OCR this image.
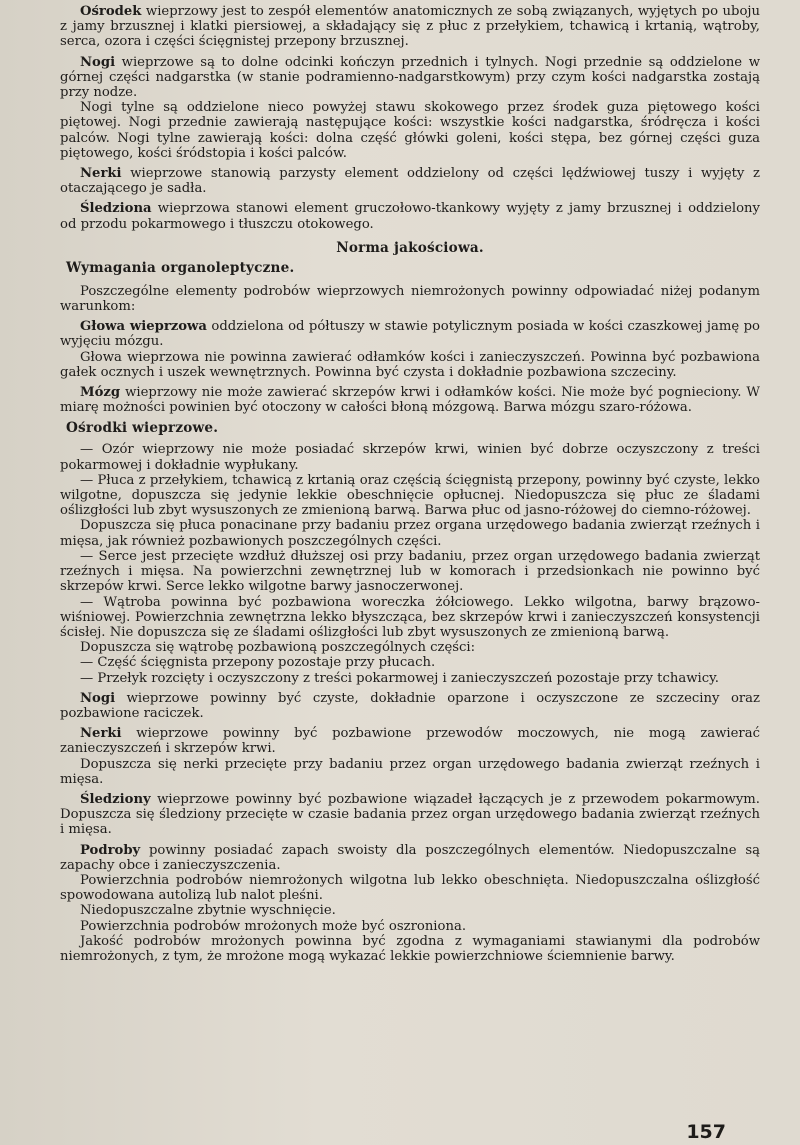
Ośrodek wieprzowy jest to zespół elementów anatomicznych ze sobą związanych, wyjętych po uboju z jamy brzusznej i klatki piersiowej, a składający się z płuc z przełykiem, tchawicą i krtanią, wątroby, serca, ozora i części ścięgnistej przepony brzusznej.

Nogi wieprzowe są to dolne odcinki kończyn przednich i tylnych. Nogi przednie są oddzielone w górnej części nadgarstka (w stanie podramienno-nadgarstkowym) przy czym kości nadgarstka zostają przy nodze.

Nogi tylne są oddzielone nieco powyżej stawu skokowego przez środek guza piętowego kości piętowej. Nogi przednie zawierają następujące kości: wszystkie kości nadgarstka, śródręcza i kości palców. Nogi tylne zawierają kości: dolna część główki goleni, kości stępa, bez górnej części guza piętowego, kości śródstopia i kości palców.

Nerki wieprzowe stanowią parzysty element oddzielony od części lędźwiowej tuszy i wyjęty z otaczającego je sadła.

Śledziona wieprzowa stanowi element gruczołowo-tkankowy wyjęty z jamy brzusznej i oddzielony od przodu pokarmowego i tłuszczu otokowego.

Norma jakościowa.
Wymagania organoleptyczne.

Poszczególne elementy podrobów wieprzowych niemrożonych powinny odpowiadać niżej podanym warunkom:

Głowa wieprzowa oddzielona od półtuszy w stawie potylicznym posiada w kości czaszkowej jamę po wyjęciu mózgu.

Głowa wieprzowa nie powinna zawierać odłamków kości i zanieczyszczeń. Powinna być pozbawiona gałek ocznych i uszek wewnętrznych. Powinna być czysta i dokładnie pozbawiona szczeciny.

Mózg wieprzowy nie może zawierać skrzepów krwi i odłamków kości. Nie może być pognieciony. W miarę możności powinien być otoczony w całości błoną mózgową. Barwa mózgu szaro-różowa.

Ośrodki wieprzowe.

— Ozór wieprzowy nie może posiadać skrzepów krwi, winien być dobrze oczyszczony z treści pokarmowej i dokładnie wypłukany.

— Płuca z przełykiem, tchawicą z krtanią oraz częścią ścięgnistą przepony, powinny być czyste, lekko wilgotne, dopuszcza się jedynie lekkie obeschnięcie opłucnej. Niedopuszcza się płuc ze śladami oślizgłości lub zbyt wysuszonych ze zmienioną barwą. Barwa płuc od jasno-różowej do ciemno-różowej.

Dopuszcza się płuca ponacinane przy badaniu przez organa urzędowego badania zwierząt rzeźnych i mięsa, jak również pozbawionych poszczególnych części.

— Serce jest przecięte wzdłuż dłuższej osi przy badaniu, przez organ urzędowego badania zwierząt rzeźnych i mięsa. Na powierzchni zewnętrznej lub w komorach i przedsionkach nie powinno być skrzepów krwi. Serce lekko wilgotne barwy jasnoczerwonej.

— Wątroba powinna być pozbawiona woreczka żółciowego. Lekko wilgotna, barwy brązowo-wiśniowej. Powierzchnia zewnętrzna lekko błyszcząca, bez skrzepów krwi i zanieczyszczeń konsystencji ścisłej. Nie dopuszcza się ze śladami oślizgłości lub zbyt wysuszonych ze zmienioną barwą.

Dopuszcza się wątrobę pozbawioną poszczególnych części:

— Część ścięgnista przepony pozostaje przy płucach.

— Przełyk rozcięty i oczyszczony z treści pokarmowej i zanieczyszczeń pozostaje przy tchawicy.

Nogi wieprzowe powinny być czyste, dokładnie oparzone i oczyszczone ze szczeciny oraz pozbawione raciczek.

Nerki wieprzowe powinny być pozbawione przewodów moczowych, nie mogą zawierać zanieczyszczeń i skrzepów krwi.

Dopuszcza się nerki przecięte przy badaniu przez organ urzędowego badania zwierząt rzeźnych i mięsa.

Śledziony wieprzowe powinny być pozbawione wiązadeł łączących je z przewodem pokarmowym. Dopuszcza się śledziony przecięte w czasie badania przez organ urzędowego badania zwierząt rzeźnych i mięsa.

Podroby powinny posiadać zapach swoisty dla poszczególnych elementów. Niedopuszczalne są zapachy obce i zanieczyszczenia.

Powierzchnia podrobów niemrożonych wilgotna lub lekko obeschnięta. Niedopuszczalna oślizgłość spowodowana autolizą lub nalot pleśni.

Niedopuszczalne zbytnie wyschnięcie.

Powierzchnia podrobów mrożonych może być oszroniona.

Jakość podrobów mrożonych powinna być zgodna z wymaganiami stawianymi dla podrobów niemrożonych, z tym, że mrożone mogą wykazać lekkie powierzchniowe ściemnienie barwy.

157
